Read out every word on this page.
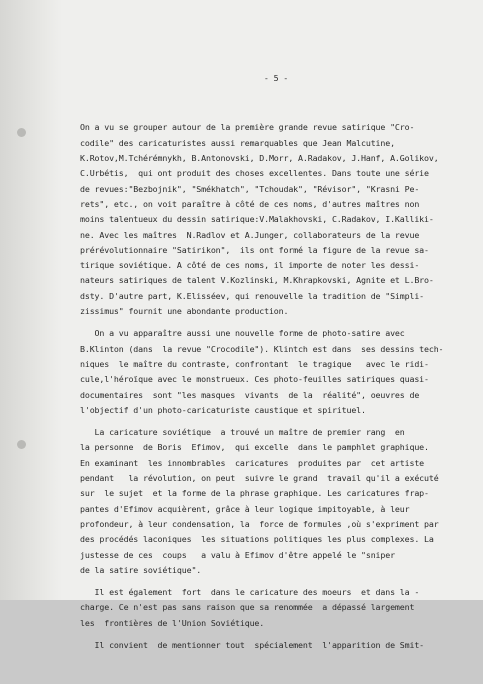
- 5 -

On a vu se grouper autour de la première grande revue satirique "Cro-
codile" des caricaturistes aussi remarquables que Jean Malcutine,
K.Rotov,M.Tchérémnykh, B.Antonovski, D.Morr, A.Radakov, J.Hanf, A.Golikov,
C.Urbétis,  qui ont produit des choses excellentes. Dans toute une série
de revues:"Bezbojnik", "Smékhatch", "Tchoudak", "Révisor", "Krasni Pe-
rets", etc., on voit paraître à côté de ces noms, d'autres maîtres non
moins talentueux du dessin satirique:V.Malakhovski, C.Radakov, I.Kalliki-
ne. Avec les maîtres  N.Radlov et A.Junger, collaborateurs de la revue
prérévolutionnaire "Satirikon",  ils ont formé la figure de la revue sa-
tirique soviétique. A côté de ces noms, il importe de noter les dessi-
nateurs satiriques de talent V.Kozlinski, M.Khrapkovski, Agnite et L.Bro-
dsty. D'autre part, K.Elisséev, qui renouvelle la tradition de "Simpli-
zissimus" fournit une abondante production.
On a vu apparaître aussi une nouvelle forme de photo-satire avec
B.Klinton (dans  la revue "Crocodile"). Klintch est dans  ses dessins tech-
niques  le maître du contraste, confrontant  le tragique   avec le ridi-
cule,l'héroïque avec le monstrueux. Ces photo-feuilles satiriques quasi-
documentaires  sont "les masques  vivants  de la  réalité", oeuvres de
l'objectif d'un photo-caricaturiste caustique et spirituel.
La caricature soviétique  a trouvé un maître de premier rang  en
la personne  de Boris  Efimov,  qui excelle  dans le pamphlet graphique.
En examinant  les innombrables  caricatures  produites par  cet artiste
pendant   la révolution, on peut  suivre le grand  travail qu'il a exécuté
sur  le sujet  et la forme de la phrase graphique. Les caricatures frap-
pantes d'Efimov acquièrent, grâce à leur logique impitoyable, à leur
profondeur, à leur condensation, la  force de formules ,où s'expriment par
des procédés laconiques  les situations politiques les plus complexes. La
justesse de ces  coups   a valu à Efimov d'être appelé le "sniper
de la satire soviétique".
Il est également  fort  dans le caricature des moeurs  et dans la -
charge. Ce n'est pas sans raison que sa renommée  a dépassé largement
les  frontières de l'Union Soviétique.
Il convient  de mentionner tout  spécialement  l'apparition de Smit-
